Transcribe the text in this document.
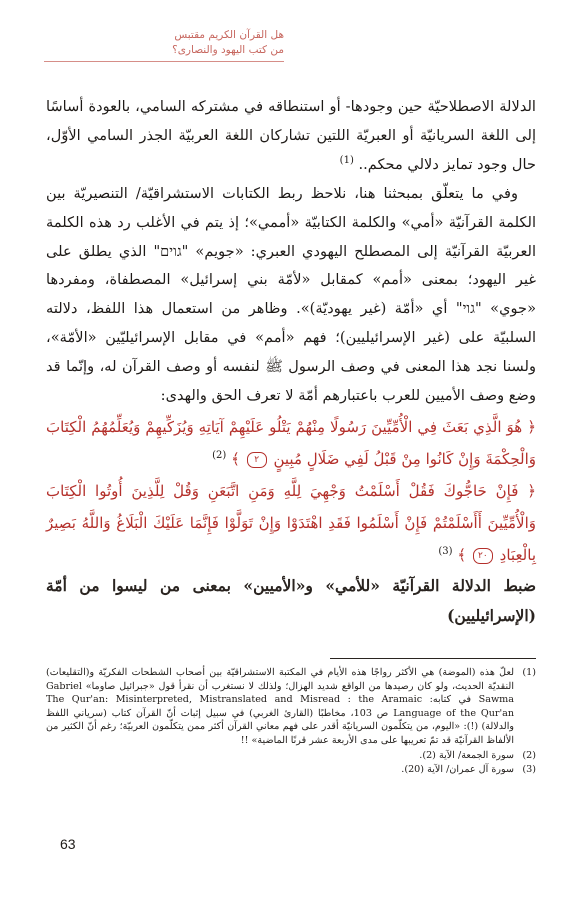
هل القرآن الكريم مقتبس
من كتب اليهود والنصارى؟

الدلالة الاصطلاحيّة حين وجودها- أو استنطاقه في مشتركه السامي، بالعودة أساسًا إلى اللغة السريانيّة أو العبريّة اللتين تشاركان اللغة العربيّة الجذر السامي الأوّل، حال وجود تمايز دلالي محكم.. $^{(1)}$

وفي ما يتعلّق بمبحثنا هنا، نلاحظ ربط الكتابات الاستشراقيّة/ التنصيريّة بين الكلمة القرآنيّة «أمي» والكلمة الكتابيّة «أممي»؛ إذ يتم في الأغلب رد هذه الكلمة العربيّة القرآنيّة إلى المصطلح اليهودي العبري: «جويم» "גוים" الذي يطلق على غير اليهود؛ بمعنى «أمم» كمقابل «لأمّة بني إسرائيل» المصطفاة، ومفردها «جوي» "גוי" أي «أمّة (غير يهوديّة)». وظاهر من استعمال هذا اللفظ، دلالته السلبيّة على (غير الإسرائيليين)؛ فهم «أمم» في مقابل الإسرائيليّين «الأمّة»، ولسنا نجد هذا المعنى في وصف الرسول ﷺ لنفسه أو وصف القرآن له، وإنّما قد وضع وصف الأميين للعرب باعتبارهم أمّة لا تعرف الحق والهدى:

﴿ هُوَ الَّذِي بَعَثَ فِي الْأُمِّيِّينَ رَسُولًا مِنْهُمْ يَتْلُو عَلَيْهِمْ آيَاتِهِ وَيُزَكِّيهِمْ وَيُعَلِّمُهُمُ الْكِتَابَ وَالْحِكْمَةَ وَإِنْ كَانُوا مِنْ قَبْلُ لَفِي ضَلَالٍ مُبِينٍ ٢ ﴾ $^{(2)}$

﴿ فَإِنْ حَاجُّوكَ فَقُلْ أَسْلَمْتُ وَجْهِيَ لِلَّهِ وَمَنِ اتَّبَعَنِ وَقُلْ لِلَّذِينَ أُوتُوا الْكِتَابَ وَالْأُمِّيِّينَ أَأَسْلَمْتُمْ فَإِنْ أَسْلَمُوا فَقَدِ اهْتَدَوْا وَإِنْ تَوَلَّوْا فَإِنَّمَا عَلَيْكَ الْبَلَاغُ وَاللَّهُ بَصِيرٌ بِالْعِبَادِ ٢٠ ﴾ $^{(3)}$

ضبط الدلالة القرآنيّة «للأمي» و«الأميين» بمعنى من ليسوا من أمّة (الإسرائيليين)

(1)
لعلّ هذه (الموضة) هي الأكثر رواجًا هذه الأيام في المكتبة الاستشراقيّة بين أصحاب الشطحات الفكريّة و(التقليعات) النقديّة الحديث، ولو كان رصيدها من الواقع شديد الهزال؛ ولذلك لا نستغرب أن نقرأ قول «جبرائيل صاوما» Gabriel Sawma في كتابه: The Qur'an: Misinterpreted, Mistranslated and Misread : the Aramaic Language of the Qur'an ص 103، مخاطبًا (القارئ الغربي) في سبيل إثبات أنّ القرآن كتاب (سرياني اللفظ والدلالة) (!): «اليوم، من يتكلّمون السريانيّة أقدر على فهم معاني القرآن أكثر ممن يتكلّمون العربيّة؛ رغم أنّ الكثير من الألفاظ القرآنيّة قد تمّ تعريبها على مدى الأربعة عشر قرنًا الماضية» !!
(2)
سورة الجمعة/ الآية (2).
(3)
سورة آل عمران/ الآية (20).
63
